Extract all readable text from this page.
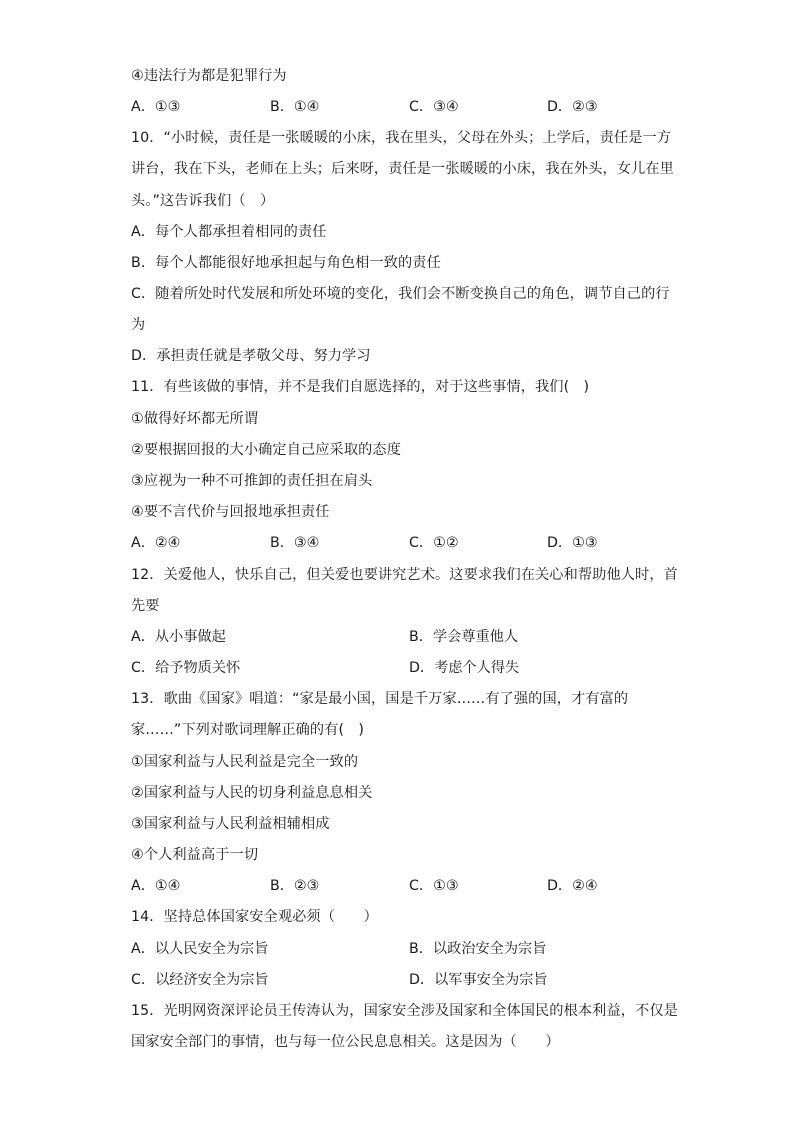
④违法行为都是犯罪行为
A．①③	B．①④	C．③④	D．②③
10．“小时候，责任是一张暖暖的小床，我在里头，父母在外头；上学后，责任是一方
讲台，我在下头，老师在上头；后来呀，责任是一张暖暖的小床，我在外头，女儿在里
头。”这告诉我们（　）
A．每个人都承担着相同的责任
B．每个人都能很好地承担起与角色相一致的责任
C．随着所处时代发展和所处环境的变化，我们会不断变换自己的角色，调节自己的行
为
D．承担责任就是孝敬父母、努力学习
11．有些该做的事情，并不是我们自愿选择的，对于这些事情，我们(　)
①做得好坏都无所谓
②要根据回报的大小确定自己应采取的态度
③应视为一种不可推卸的责任担在肩头
④要不言代价与回报地承担责任
A．②④	B．③④	C．①②	D．①③
12．关爱他人，快乐自己，但关爱也要讲究艺术。这要求我们在关心和帮助他人时，首
先要
A．从小事做起	B．学会尊重他人
C．给予物质关怀	D．考虑个人得失
13．歌曲《国家》唱道：“家是最小国，国是千万家……有了强的国，才有富的
家……”下列对歌词理解正确的有(　)
①国家利益与人民利益是完全一致的
②国家利益与人民的切身利益息息相关
③国家利益与人民利益相辅相成
④个人利益高于一切
A．①④	B．②③	C．①③	D．②④
14．坚持总体国家安全观必须（　　）
A．以人民安全为宗旨	B．以政治安全为宗旨
C．以经济安全为宗旨	D．以军事安全为宗旨
15．光明网资深评论员王传涛认为，国家安全涉及国家和全体国民的根本利益，不仅是
国家安全部门的事情，也与每一位公民息息相关。这是因为（　　）
